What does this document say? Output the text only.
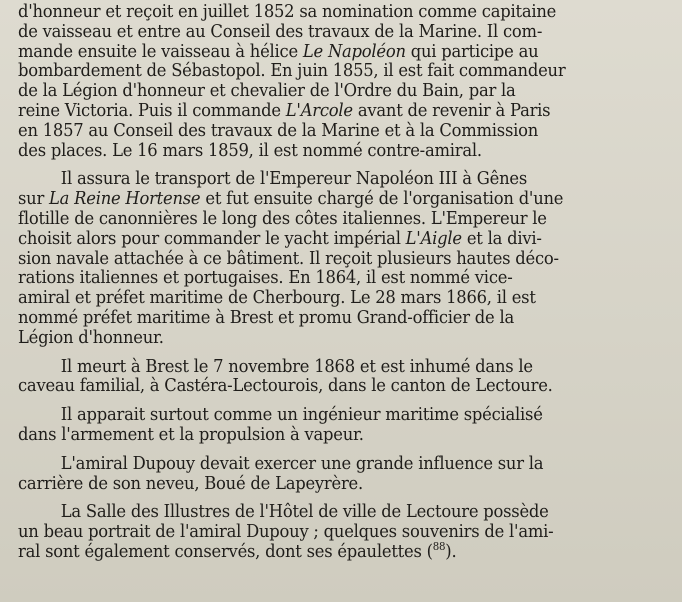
d'honneur et reçoit en juillet 1852 sa nomination comme capitaine
de vaisseau et entre au Conseil des travaux de la Marine. Il com-
mande ensuite le vaisseau à hélice Le Napoléon qui participe au
bombardement de Sébastopol. En juin 1855, il est fait commandeur
de la Légion d'honneur et chevalier de l'Ordre du Bain, par la
reine Victoria. Puis il commande L'Arcole avant de revenir à Paris
en 1857 au Conseil des travaux de la Marine et à la Commission
des places. Le 16 mars 1859, il est nommé contre-amiral.
Il assura le transport de l'Empereur Napoléon III à Gênes
sur La Reine Hortense et fut ensuite chargé de l'organisation d'une
flotille de canonnières le long des côtes italiennes. L'Empereur le
choisit alors pour commander le yacht impérial L'Aigle et la divi-
sion navale attachée à ce bâtiment. Il reçoit plusieurs hautes déco-
rations italiennes et portugaises. En 1864, il est nommé vice-
amiral et préfet maritime de Cherbourg. Le 28 mars 1866, il est
nommé préfet maritime à Brest et promu Grand-officier de la
Légion d'honneur.
Il meurt à Brest le 7 novembre 1868 et est inhumé dans le
caveau familial, à Castéra-Lectourois, dans le canton de Lectoure.
Il apparait surtout comme un ingénieur maritime spécialisé
dans l'armement et la propulsion à vapeur.
L'amiral Dupouy devait exercer une grande influence sur la
carrière de son neveu, Boué de Lapeyrère.
La Salle des Illustres de l'Hôtel de ville de Lectoure possède
un beau portrait de l'amiral Dupouy ; quelques souvenirs de l'ami-
ral sont également conservés, dont ses épaulettes ($^{88}$).
